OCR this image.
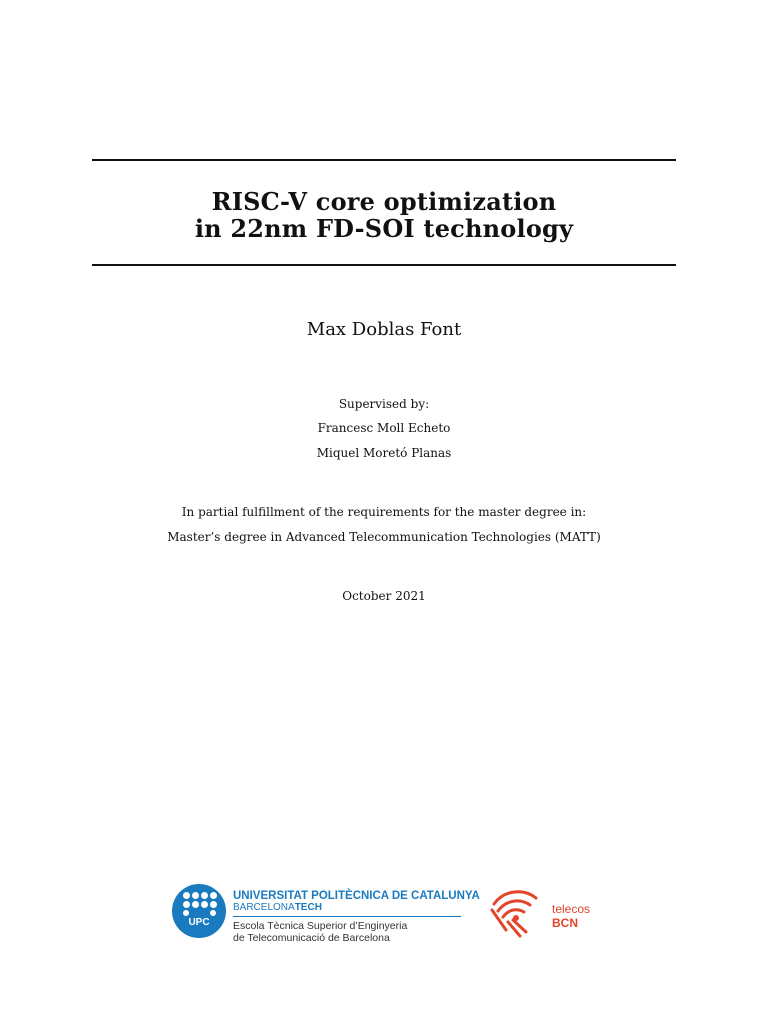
RISC-V core optimization
in 22nm FD-SOI technology
Max Doblas Font
Supervised by:
Francesc Moll Echeto
Miquel Moretó Planas
In partial fulfillment of the requirements for the master degree in:
Master’s degree in Advanced Telecommunication Technologies (MATT)
October 2021
UPC
UNIVERSITAT POLITÈCNICA DE CATALUNYA
BARCELONATECH
Escola Tècnica Superior d’Enginyeria
de Telecomunicació de Barcelona
telecos
BCN
